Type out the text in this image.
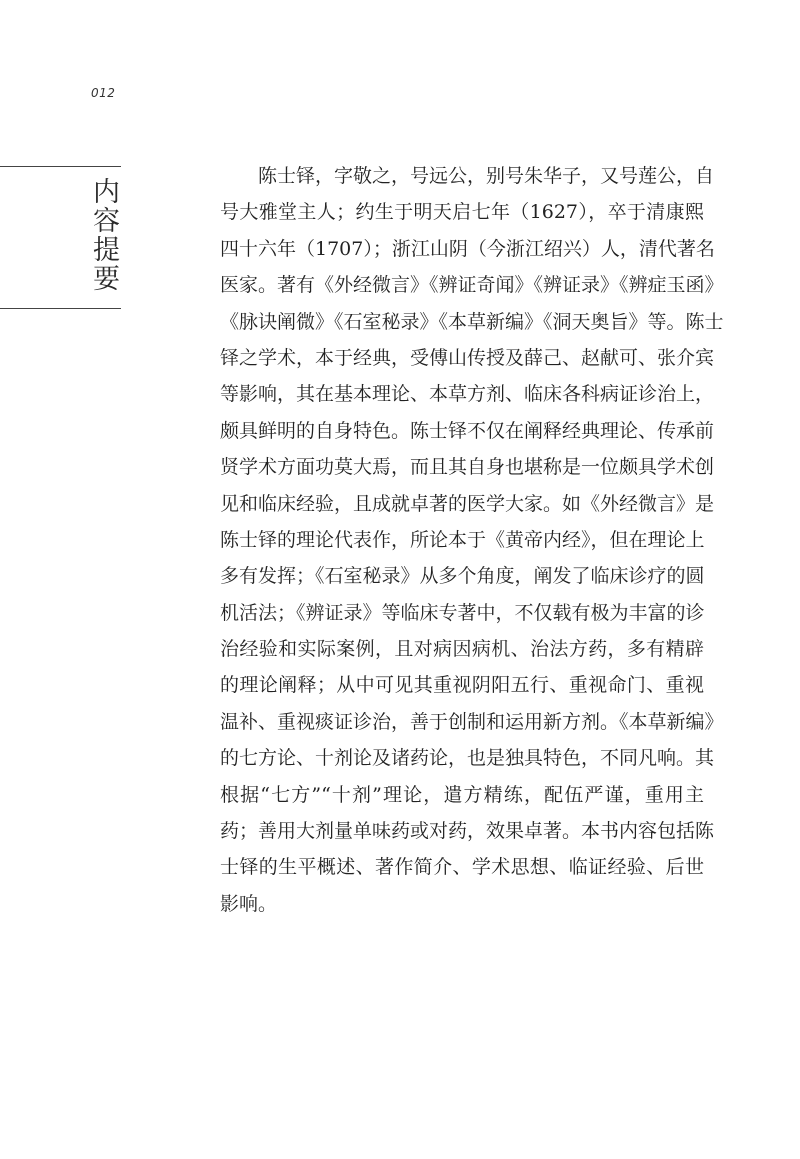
012
内容提要
陈士铎，字敬之，号远公，别号朱华子，又号莲公，自
号大雅堂主人；约生于明天启七年（1627），卒于清康熙
四十六年（1707）；浙江山阴（今浙江绍兴）人，清代著名
医家。著有《外经微言》《辨证奇闻》《辨证录》《辨症玉函》
《脉诀阐微》《石室秘录》《本草新编》《洞天奥旨》等。陈士
铎之学术，本于经典，受傅山传授及薛己、赵献可、张介宾
等影响，其在基本理论、本草方剂、临床各科病证诊治上，
颇具鲜明的自身特色。陈士铎不仅在阐释经典理论、传承前
贤学术方面功莫大焉，而且其自身也堪称是一位颇具学术创
见和临床经验，且成就卓著的医学大家。如《外经微言》是
陈士铎的理论代表作，所论本于《黄帝内经》，但在理论上
多有发挥；《石室秘录》从多个角度，阐发了临床诊疗的圆
机活法；《辨证录》等临床专著中，不仅载有极为丰富的诊
治经验和实际案例，且对病因病机、治法方药，多有精辟
的理论阐释；从中可见其重视阴阳五行、重视命门、重视
温补、重视痰证诊治，善于创制和运用新方剂。《本草新编》
的七方论、十剂论及诸药论，也是独具特色，不同凡响。其
根据“七方”“十剂”理论，遣方精练，配伍严谨，重用主
药；善用大剂量单味药或对药，效果卓著。本书内容包括陈
士铎的生平概述、著作简介、学术思想、临证经验、后世
影响。
